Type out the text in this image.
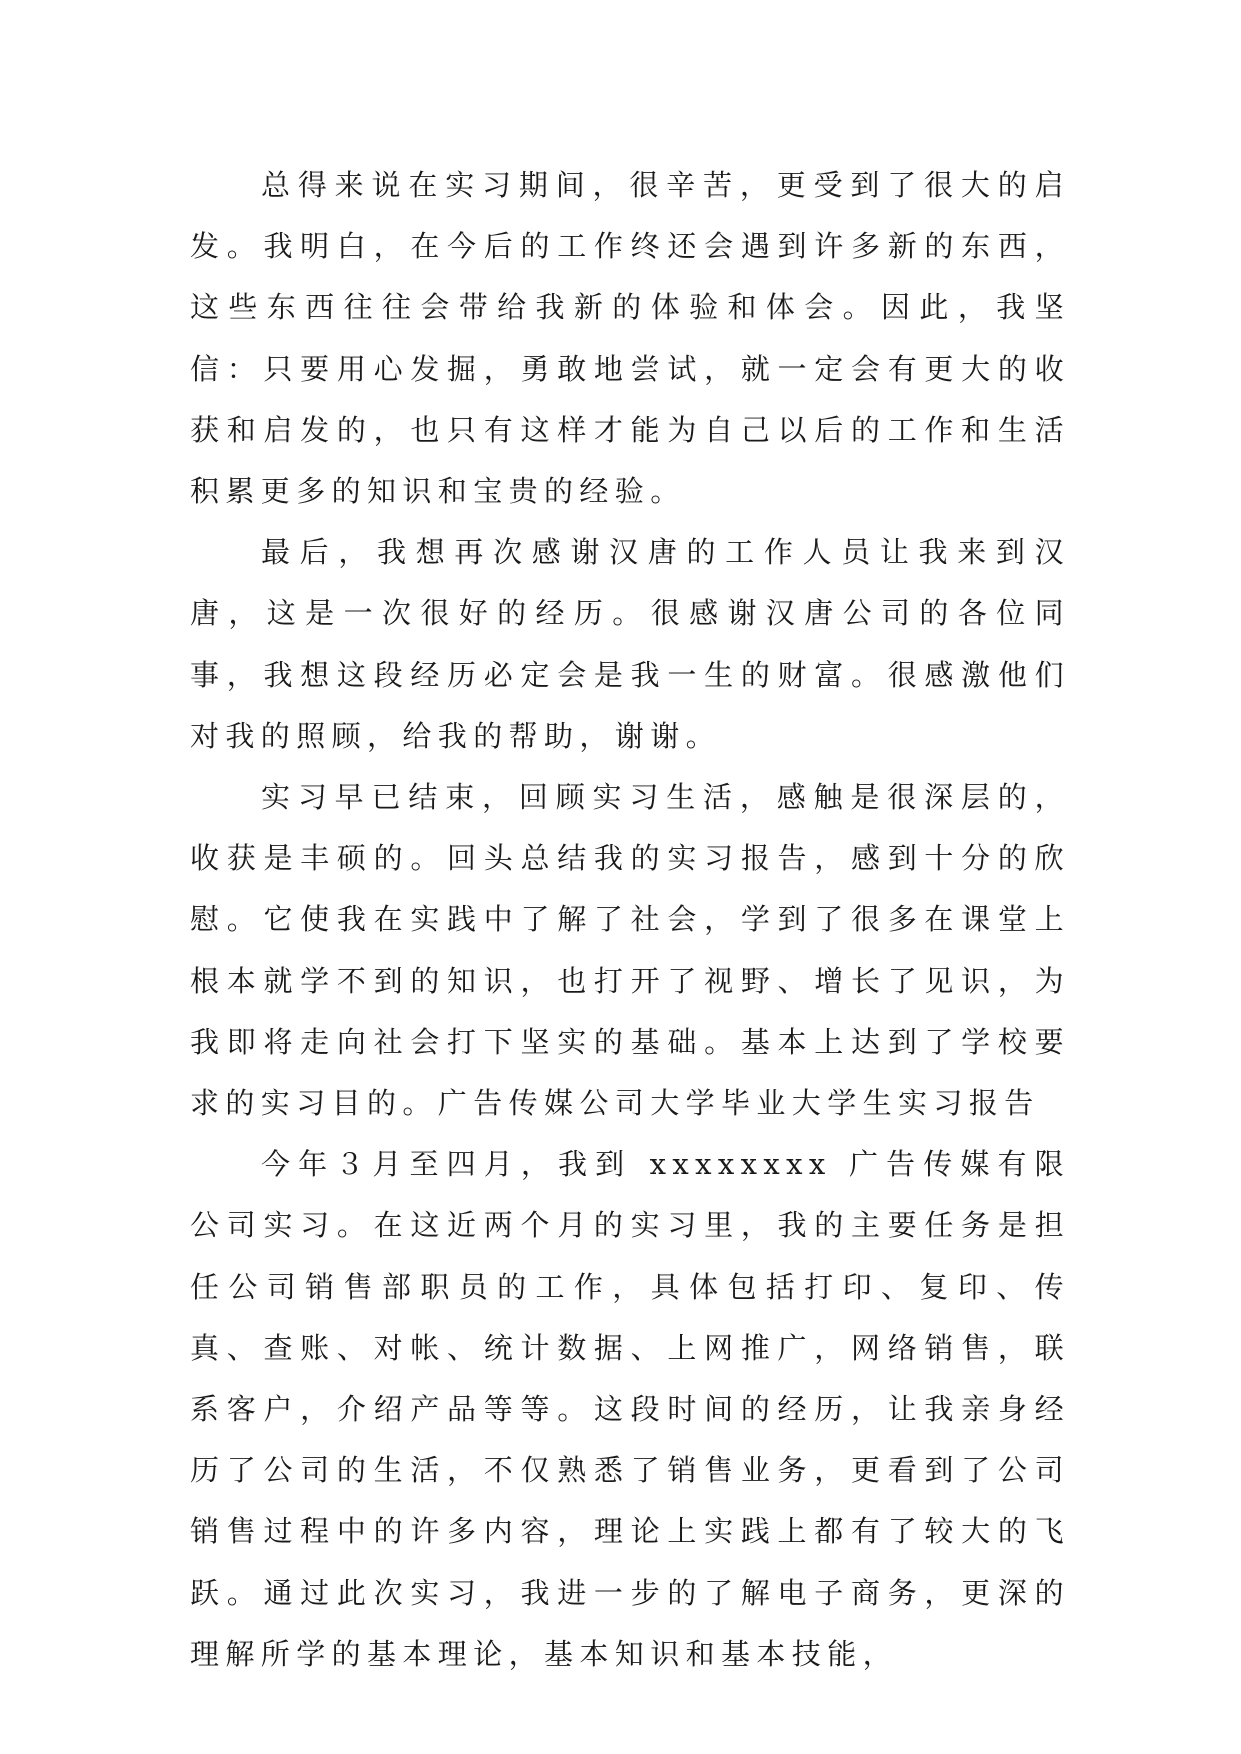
总得来说在实习期间，很辛苦，更受到了很大的启发。我明白，在今后的工作终还会遇到许多新的东西，这些东西往往会带给我新的体验和体会。因此，我坚信：只要用心发掘，勇敢地尝试，就一定会有更大的收获和启发的，也只有这样才能为自己以后的工作和生活积累更多的知识和宝贵的经验。

最后，我想再次感谢汉唐的工作人员让我来到汉唐，这是一次很好的经历。很感谢汉唐公司的各位同事，我想这段经历必定会是我一生的财富。很感激他们对我的照顾，给我的帮助，谢谢。

实习早已结束，回顾实习生活，感触是很深层的，收获是丰硕的。回头总结我的实习报告，感到十分的欣慰。它使我在实践中了解了社会，学到了很多在课堂上根本就学不到的知识，也打开了视野、增长了见识，为我即将走向社会打下坚实的基础。基本上达到了学校要求的实习目的。广告传媒公司大学毕业大学生实习报告

今年３月至四月，我到 xxxxxxxx 广告传媒有限公司实习。在这近两个月的实习里，我的主要任务是担任公司销售部职员的工作，具体包括打印、复印、传真、查账、对帐、统计数据、上网推广，网络销售，联系客户，介绍产品等等。这段时间的经历，让我亲身经历了公司的生活，不仅熟悉了销售业务，更看到了公司销售过程中的许多内容，理论上实践上都有了较大的飞跃。通过此次实习，我进一步的了解电子商务，更深的理解所学的基本理论，基本知识和基本技能，
